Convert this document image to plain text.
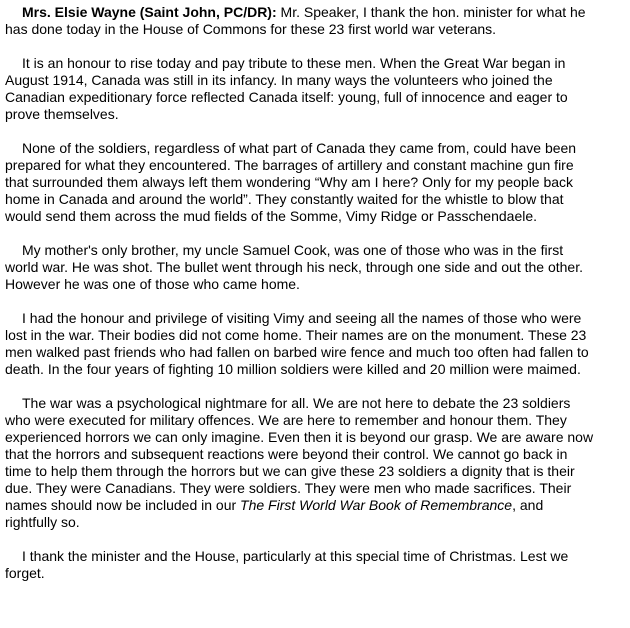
Mrs. Elsie Wayne (Saint John, PC/DR): Mr. Speaker, I thank the hon. minister for what he has done today in the House of Commons for these 23 first world war veterans.

It is an honour to rise today and pay tribute to these men. When the Great War began in August 1914, Canada was still in its infancy. In many ways the volunteers who joined the Canadian expeditionary force reflected Canada itself: young, full of innocence and eager to prove themselves.

None of the soldiers, regardless of what part of Canada they came from, could have been prepared for what they encountered. The barrages of artillery and constant machine gun fire that surrounded them always left them wondering “Why am I here? Only for my people back home in Canada and around the world”. They constantly waited for the whistle to blow that would send them across the mud fields of the Somme, Vimy Ridge or Passchendaele.

My mother's only brother, my uncle Samuel Cook, was one of those who was in the first world war. He was shot. The bullet went through his neck, through one side and out the other. However he was one of those who came home.

I had the honour and privilege of visiting Vimy and seeing all the names of those who were lost in the war. Their bodies did not come home. Their names are on the monument. These 23 men walked past friends who had fallen on barbed wire fence and much too often had fallen to death. In the four years of fighting 10 million soldiers were killed and 20 million were maimed.

The war was a psychological nightmare for all. We are not here to debate the 23 soldiers who were executed for military offences. We are here to remember and honour them. They experienced horrors we can only imagine. Even then it is beyond our grasp. We are aware now that the horrors and subsequent reactions were beyond their control. We cannot go back in time to help them through the horrors but we can give these 23 soldiers a dignity that is their due. They were Canadians. They were soldiers. They were men who made sacrifices. Their names should now be included in our The First World War Book of Remembrance, and rightfully so.

I thank the minister and the House, particularly at this special time of Christmas. Lest we forget.
